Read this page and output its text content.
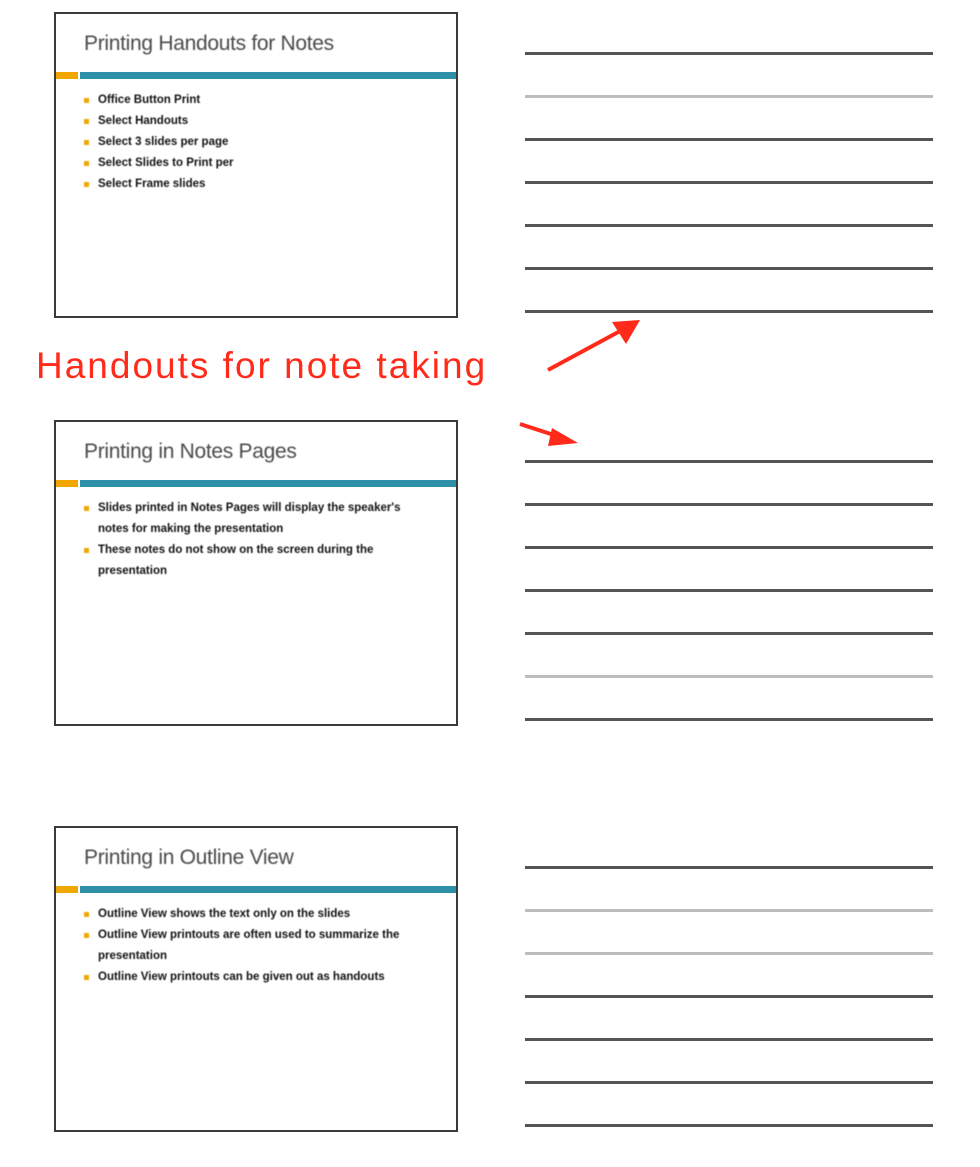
Printing Handouts for Notes
Office Button Print
Select Handouts
Select 3 slides per page
Select Slides to Print per
Select Frame slides
Handouts for note taking
Printing in Notes Pages
Slides printed in Notes Pages will display the speaker's notes for making the presentation
These notes do not show on the screen during the presentation
Printing in Outline View
Outline View shows the text only on the slides
Outline View printouts are often used to summarize the presentation
Outline View printouts can be given out as handouts
